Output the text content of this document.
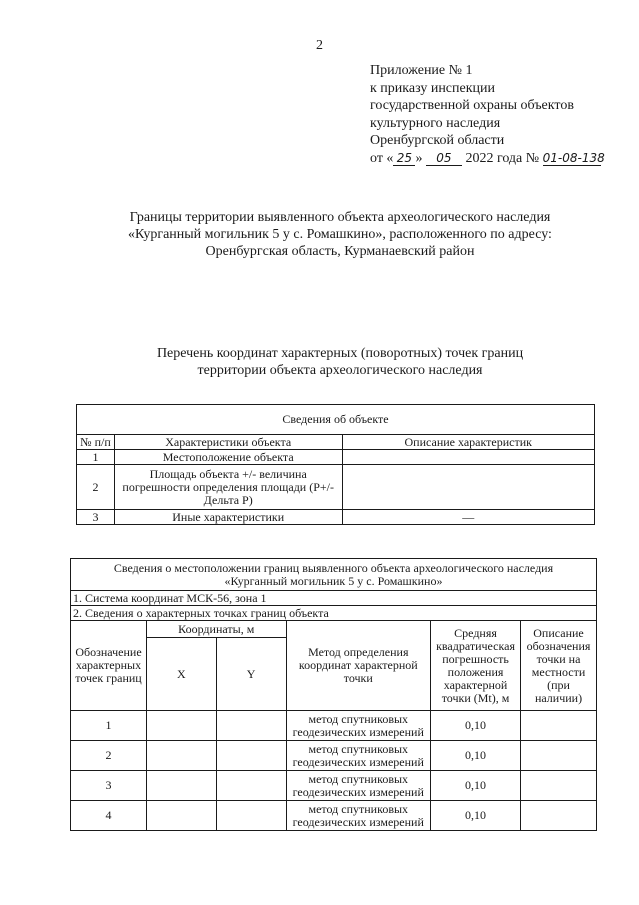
2
Приложение № 1
к приказу инспекции
государственной охраны объектов
культурного наследия
Оренбургской области
от « 25 » 05 2022 года № 01-08-138
Границы территории выявленного объекта археологического наследия
«Курганный могильник 5 у с. Ромашкино», расположенного по адресу:
Оренбургская область, Курманаевский район
Перечень координат характерных (поворотных) точек границ
территории объекта археологического наследия
Сведения об объекте		
№ п/п	Характеристики объекта	Описание характеристик
1	Местоположение объекта	
2	Площадь объекта +/- величина погрешности определения площади (P+/- Дельта P)	
3	Иные характеристики	—
Сведения о местоположении границ выявленного объекта археологического наследия
«Курганный могильник 5 у с. Ромашкино»					

1. Система координат МСК-56, зона 1					
2. Сведения о характерных точках границ объекта					
Обозначение характерных точек границ	Координаты, м		Метод определения координат характерной точки	Средняя квадратическая погрешность положения характерной точки (Mt), м	Описание обозначения точки на местности (при наличии)
	X	Y			
1			метод спутниковых геодезических измерений	0,10	
2			метод спутниковых геодезических измерений	0,10	
3			метод спутниковых геодезических измерений	0,10	
4			метод спутниковых геодезических измерений	0,10	
